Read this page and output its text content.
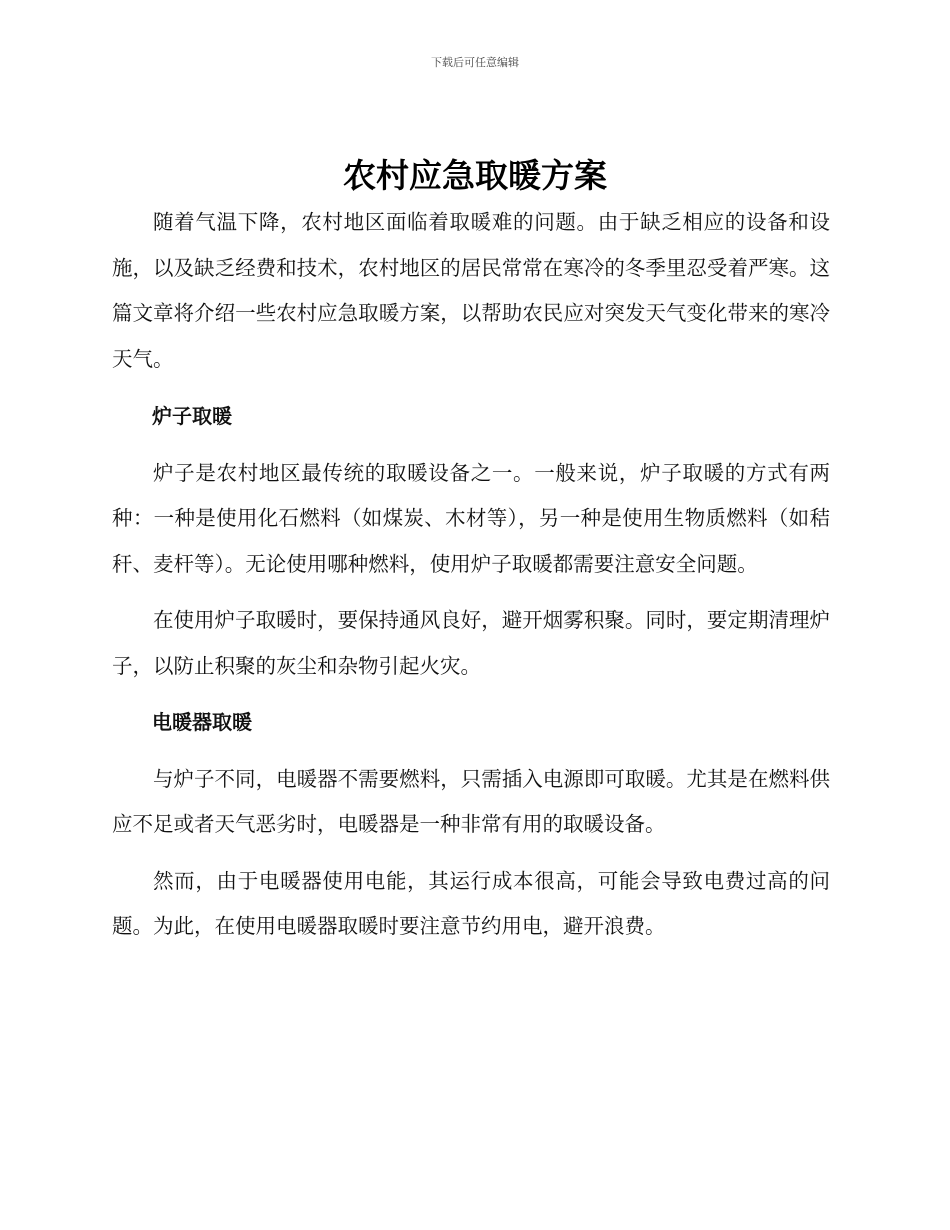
下载后可任意编辑
农村应急取暖方案

随着气温下降，农村地区面临着取暖难的问题。由于缺乏相应的设备和设施，以及缺乏经费和技术，农村地区的居民常常在寒冷的冬季里忍受着严寒。这篇文章将介绍一些农村应急取暖方案，以帮助农民应对突发天气变化带来的寒冷天气。

炉子取暖

炉子是农村地区最传统的取暖设备之一。一般来说，炉子取暖的方式有两种：一种是使用化石燃料（如煤炭、木材等），另一种是使用生物质燃料（如秸秆、麦杆等）。无论使用哪种燃料，使用炉子取暖都需要注意安全问题。

在使用炉子取暖时，要保持通风良好，避开烟雾积聚。同时，要定期清理炉子，以防止积聚的灰尘和杂物引起火灾。

电暖器取暖

与炉子不同，电暖器不需要燃料，只需插入电源即可取暖。尤其是在燃料供应不足或者天气恶劣时，电暖器是一种非常有用的取暖设备。

然而，由于电暖器使用电能，其运行成本很高，可能会导致电费过高的问题。为此，在使用电暖器取暖时要注意节约用电，避开浪费。
